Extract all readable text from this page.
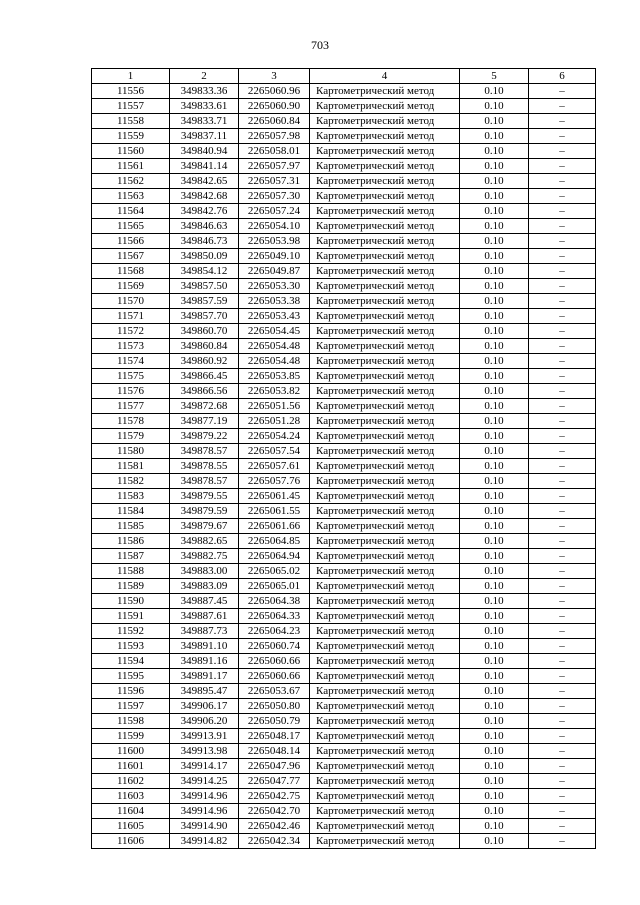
703
1	2	3	4	5	6
11556	349833.36	2265060.96	Картометрический метод	0.10	–
11557	349833.61	2265060.90	Картометрический метод	0.10	–
11558	349833.71	2265060.84	Картометрический метод	0.10	–
11559	349837.11	2265057.98	Картометрический метод	0.10	–
11560	349840.94	2265058.01	Картометрический метод	0.10	–
11561	349841.14	2265057.97	Картометрический метод	0.10	–
11562	349842.65	2265057.31	Картометрический метод	0.10	–
11563	349842.68	2265057.30	Картометрический метод	0.10	–
11564	349842.76	2265057.24	Картометрический метод	0.10	–
11565	349846.63	2265054.10	Картометрический метод	0.10	–
11566	349846.73	2265053.98	Картометрический метод	0.10	–
11567	349850.09	2265049.10	Картометрический метод	0.10	–
11568	349854.12	2265049.87	Картометрический метод	0.10	–
11569	349857.50	2265053.30	Картометрический метод	0.10	–
11570	349857.59	2265053.38	Картометрический метод	0.10	–
11571	349857.70	2265053.43	Картометрический метод	0.10	–
11572	349860.70	2265054.45	Картометрический метод	0.10	–
11573	349860.84	2265054.48	Картометрический метод	0.10	–
11574	349860.92	2265054.48	Картометрический метод	0.10	–
11575	349866.45	2265053.85	Картометрический метод	0.10	–
11576	349866.56	2265053.82	Картометрический метод	0.10	–
11577	349872.68	2265051.56	Картометрический метод	0.10	–
11578	349877.19	2265051.28	Картометрический метод	0.10	–
11579	349879.22	2265054.24	Картометрический метод	0.10	–
11580	349878.57	2265057.54	Картометрический метод	0.10	–
11581	349878.55	2265057.61	Картометрический метод	0.10	–
11582	349878.57	2265057.76	Картометрический метод	0.10	–
11583	349879.55	2265061.45	Картометрический метод	0.10	–
11584	349879.59	2265061.55	Картометрический метод	0.10	–
11585	349879.67	2265061.66	Картометрический метод	0.10	–
11586	349882.65	2265064.85	Картометрический метод	0.10	–
11587	349882.75	2265064.94	Картометрический метод	0.10	–
11588	349883.00	2265065.02	Картометрический метод	0.10	–
11589	349883.09	2265065.01	Картометрический метод	0.10	–
11590	349887.45	2265064.38	Картометрический метод	0.10	–
11591	349887.61	2265064.33	Картометрический метод	0.10	–
11592	349887.73	2265064.23	Картометрический метод	0.10	–
11593	349891.10	2265060.74	Картометрический метод	0.10	–
11594	349891.16	2265060.66	Картометрический метод	0.10	–
11595	349891.17	2265060.66	Картометрический метод	0.10	–
11596	349895.47	2265053.67	Картометрический метод	0.10	–
11597	349906.17	2265050.80	Картометрический метод	0.10	–
11598	349906.20	2265050.79	Картометрический метод	0.10	–
11599	349913.91	2265048.17	Картометрический метод	0.10	–
11600	349913.98	2265048.14	Картометрический метод	0.10	–
11601	349914.17	2265047.96	Картометрический метод	0.10	–
11602	349914.25	2265047.77	Картометрический метод	0.10	–
11603	349914.96	2265042.75	Картометрический метод	0.10	–
11604	349914.96	2265042.70	Картометрический метод	0.10	–
11605	349914.90	2265042.46	Картометрический метод	0.10	–
11606	349914.82	2265042.34	Картометрический метод	0.10	–
